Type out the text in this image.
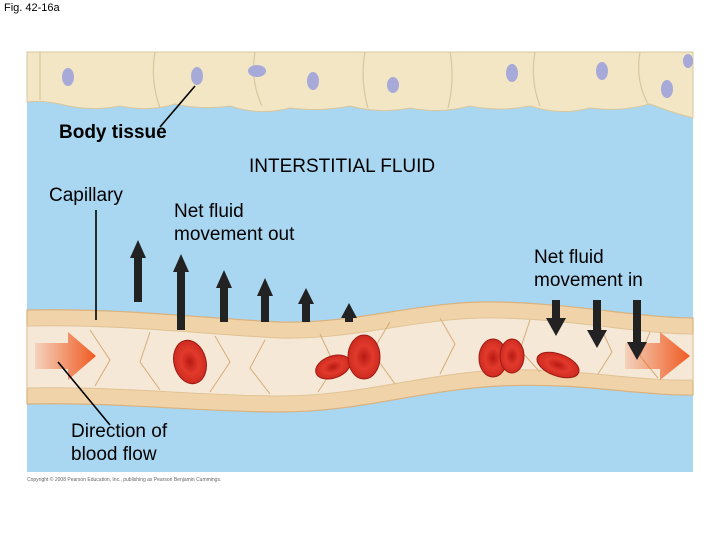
Fig. 42-16a
Body tissue
INTERSTITIAL FLUID
Capillary
Net fluid
movement out
Net fluid
movement in
Direction of
blood flow
Copyright © 2008 Pearson Education, Inc., publishing as Pearson Benjamin Cummings.
